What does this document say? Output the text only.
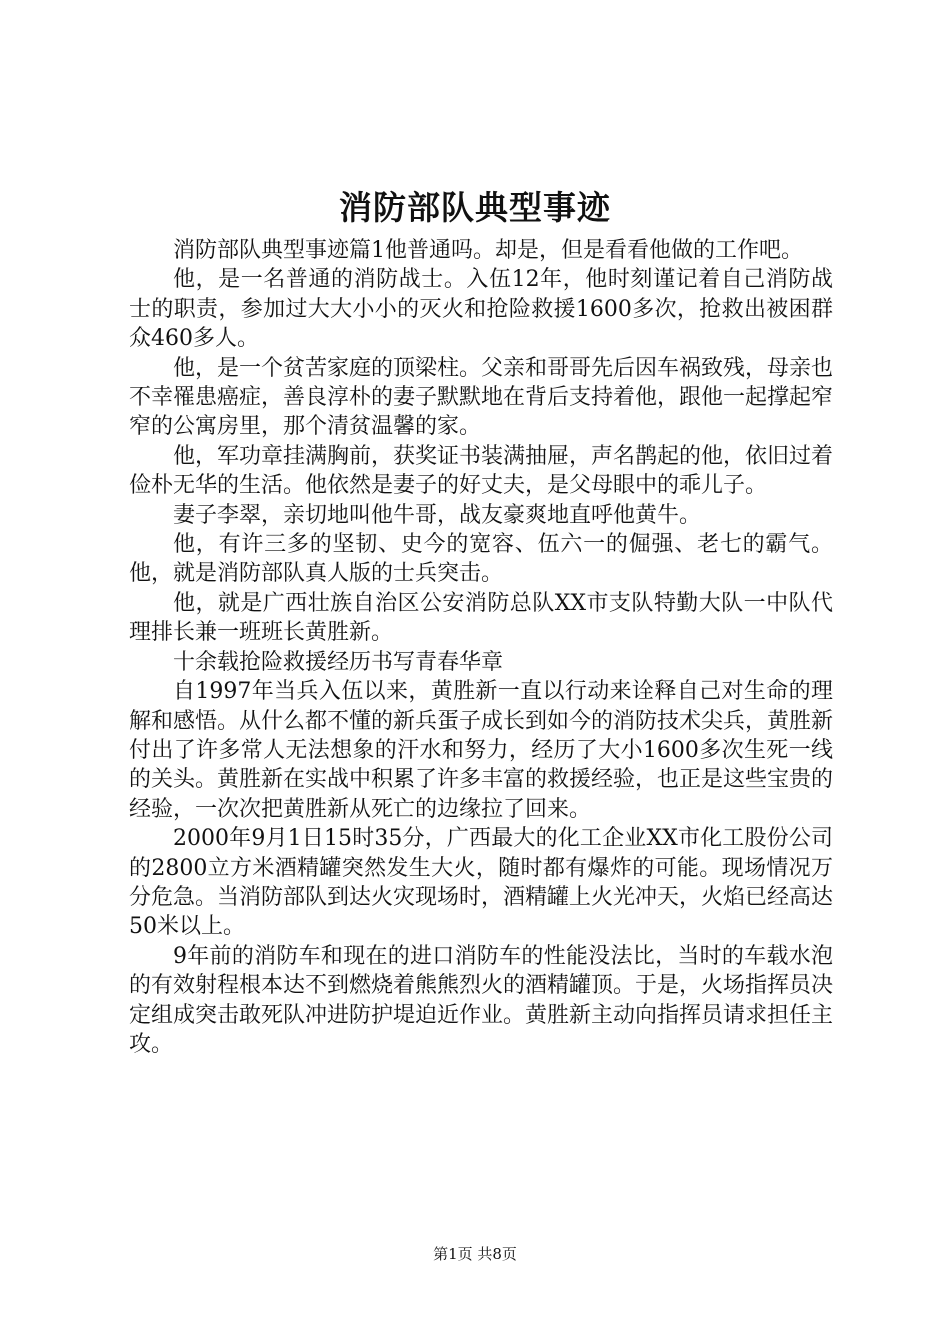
消防部队典型事迹

消防部队典型事迹篇1他普通吗。却是，但是看看他做的工作吧。

他，是一名普通的消防战士。入伍12年，他时刻谨记着自己消防战士的职责，参加过大大小小的灭火和抢险救援1600多次，抢救出被困群众460多人。

他，是一个贫苦家庭的顶梁柱。父亲和哥哥先后因车祸致残，母亲也不幸罹患癌症，善良淳朴的妻子默默地在背后支持着他，跟他一起撑起窄窄的公寓房里，那个清贫温馨的家。

他，军功章挂满胸前，获奖证书装满抽屉，声名鹊起的他，依旧过着俭朴无华的生活。他依然是妻子的好丈夫，是父母眼中的乖儿子。

妻子李翠，亲切地叫他牛哥，战友豪爽地直呼他黄牛。

他，有许三多的坚韧、史今的宽容、伍六一的倔强、老七的霸气。他，就是消防部队真人版的士兵突击。

他，就是广西壮族自治区公安消防总队XX市支队特勤大队一中队代理排长兼一班班长黄胜新。

十余载抢险救援经历书写青春华章

自1997年当兵入伍以来，黄胜新一直以行动来诠释自己对生命的理解和感悟。从什么都不懂的新兵蛋子成长到如今的消防技术尖兵，黄胜新付出了许多常人无法想象的汗水和努力，经历了大小1600多次生死一线的关头。黄胜新在实战中积累了许多丰富的救援经验，也正是这些宝贵的经验，一次次把黄胜新从死亡的边缘拉了回来。

2000年9月1日15时35分，广西最大的化工企业XX市化工股份公司的2800立方米酒精罐突然发生大火，随时都有爆炸的可能。现场情况万分危急。当消防部队到达火灾现场时，酒精罐上火光冲天，火焰已经高达50米以上。

9年前的消防车和现在的进口消防车的性能没法比，当时的车载水泡的有效射程根本达不到燃烧着熊熊烈火的酒精罐顶。于是，火场指挥员决定组成突击敢死队冲进防护堤迫近作业。黄胜新主动向指挥员请求担任主攻。

第1页 共8页
